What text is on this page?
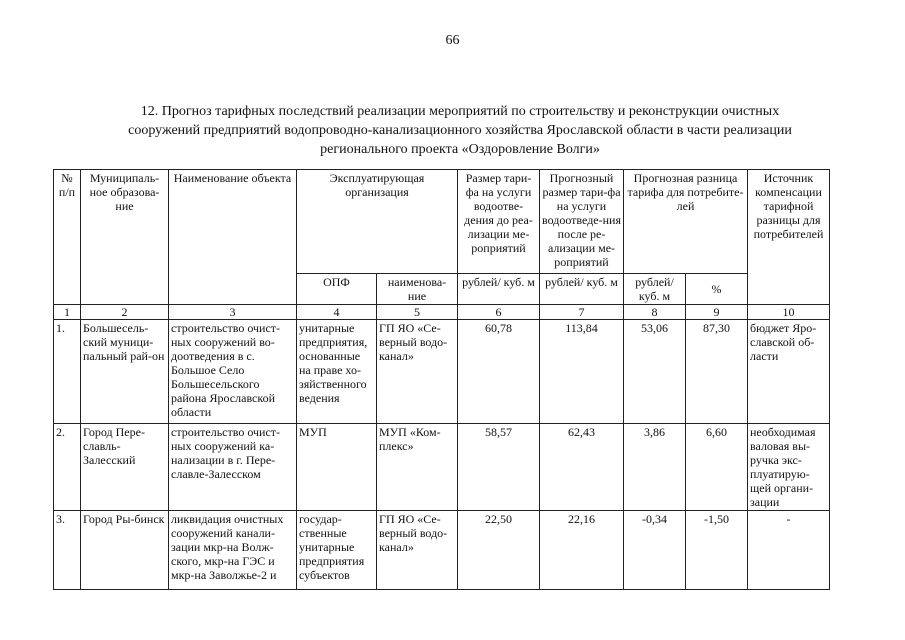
66
12. Прогноз тарифных последствий реализации мероприятий по строительству и реконструкции очистных
сооружений предприятий водопроводно-канализационного хозяйства Ярославской области в части реализации
регионального проекта «Оздоровление Волги»
№ п/п	Муниципаль-ное образова-ние	Наименование объекта	Эксплуатирующая организация		Размер тари-фа на услуги водоотве-дения до реа-лизации ме-роприятий	Прогнозный размер тари-фа на услуги водоотведе-ния после ре-ализации ме-роприятий	Прогнозная разница тарифа для потребите-лей		Источник компенсации тарифной разницы для потребителей
			ОПФ	наименова-ние	рублей/ куб. м	рублей/ куб. м	рублей/ куб. м	%	
1	2	3	4	5	6	7	8	9	10
1.	Большесель-ский муници-пальный рай-он	строительство очист-ных сооружений во-доотведения в с. Большое Село Большесельского района Ярославской области	унитарные предприятия, основанные на праве хо-зяйственного ведения	ГП ЯО «Се-верный водо-канал»	60,78	113,84	53,06	87,30	бюджет Яро-славской об-ласти
2.	Город Пере-славль-Залесский	строительство очист-ных сооружений ка-нализации в г. Пере-славле-Залесском	МУП	МУП «Ком-плекс»	58,57	62,43	3,86	6,60	необходимая валовая вы-ручка экс-плуатирую-щей органи-зации
3.	Город Ры-бинск	ликвидация очистных сооружений канали-зации мкр-на Волж-ского, мкр-на ГЭС и мкр-на Заволжье-2 и	государ-ственные унитарные предприятия субъектов	ГП ЯО «Се-верный водо-канал»	22,50	22,16	-0,34	-1,50	-
